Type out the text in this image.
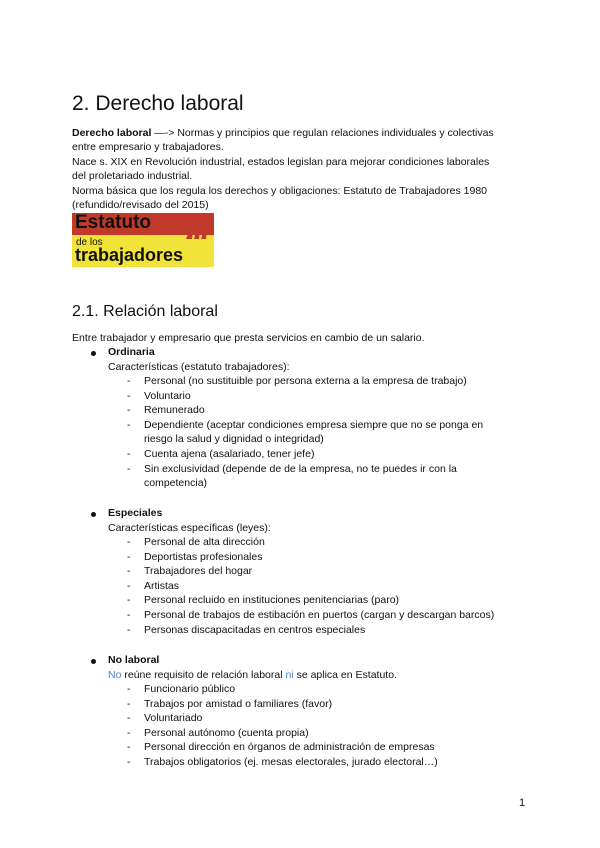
2. Derecho laboral
Derecho laboral —-> Normas y principios que regulan relaciones individuales y colectivas
entre empresario y trabajadores.
Nace s. XIX en Revolución industrial, estados legislan para mejorar condiciones laborales
del proletariado industrial.
Norma básica que los regula los derechos y obligaciones: Estatuto de Trabajadores 1980
(refundido/revisado del 2015)
2.1. Relación laboral
Entre trabajador y empresario que presta servicios en cambio de un salario.
Ordinaria
Características (estatuto trabajadores):
- Personal (no sustituible por persona externa a la empresa de trabajo)
- Voluntario
- Remunerado
- Dependiente (aceptar condiciones empresa siempre que no se ponga en
riesgo la salud y dignidad o integridad)
- Cuenta ajena (asalariado, tener jefe)
- Sin exclusividad (depende de de la empresa, no te puedes ir con la
competencia)
Especiales
Características específicas (leyes):
- Personal de alta dirección
- Deportistas profesionales
- Trabajadores del hogar
- Artistas
- Personal recluido en instituciones penitenciarias (paro)
- Personal de trabajos de estibación en puertos (cargan y descargan barcos)
- Personas discapacitadas en centros especiales
No laboral
No reúne requisito de relación laboral ni se aplica en Estatuto.
- Funcionario público
- Trabajos por amistad o familiares (favor)
- Voluntariado
- Personal autónomo (cuenta propia)
- Personal dirección en órganos de administración de empresas
- Trabajos obligatorios (ej. mesas electorales, jurado electoral…)
Estatuto
de los
trabajadores
1
